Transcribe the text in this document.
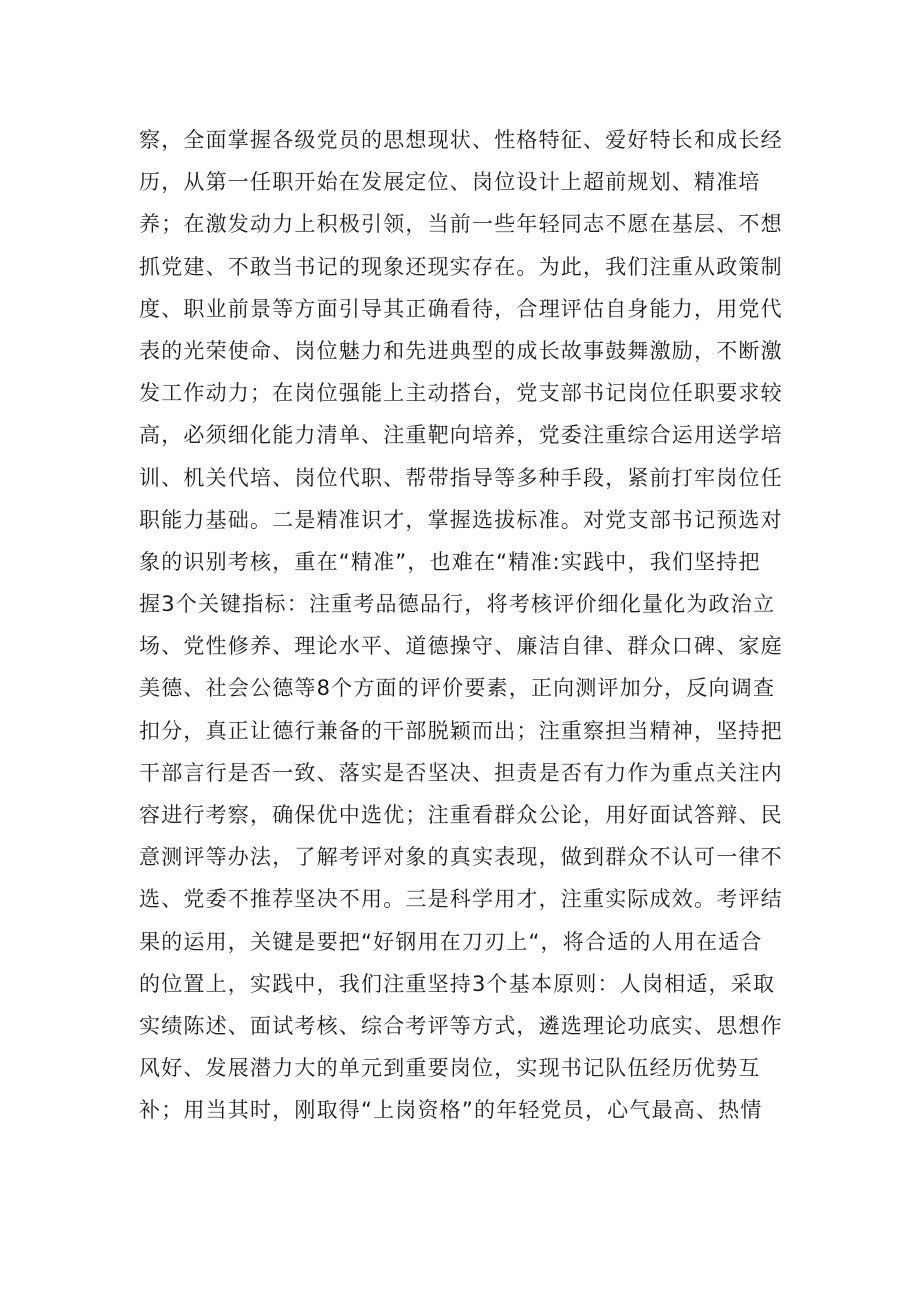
察，全面掌握各级党员的思想现状、性格特征、爱好特长和成长经
历，从第一任职开始在发展定位、岗位设计上超前规划、精准培
养；在激发动力上积极引领，当前一些年轻同志不愿在基层、不想
抓党建、不敢当书记的现象还现实存在。为此，我们注重从政策制
度、职业前景等方面引导其正确看待，合理评估自身能力，用党代
表的光荣使命、岗位魅力和先进典型的成长故事鼓舞激励，不断激
发工作动力；在岗位强能上主动搭台，党支部书记岗位任职要求较
高，必须细化能力清单、注重靶向培养，党委注重综合运用送学培
训、机关代培、岗位代职、帮带指导等多种手段，紧前打牢岗位任
职能力基础。二是精准识才，掌握选拔标准。对党支部书记预选对
象的识别考核，重在“精准”，也难在“精准:实践中，我们坚持把
握3个关键指标：注重考品德品行，将考核评价细化量化为政治立
场、党性修养、理论水平、道德操守、廉洁自律、群众口碑、家庭
美德、社会公德等8个方面的评价要素，正向测评加分，反向调查
扣分，真正让德行兼备的干部脱颖而出；注重察担当精神，坚持把
干部言行是否一致、落实是否坚决、担责是否有力作为重点关注内
容进行考察，确保优中选优；注重看群众公论，用好面试答辩、民
意测评等办法，了解考评对象的真实表现，做到群众不认可一律不
选、党委不推荐坚决不用。三是科学用才，注重实际成效。考评结
果的运用，关键是要把“好钢用在刀刃上“，将合适的人用在适合
的位置上，实践中，我们注重坚持3个基本原则：人岗相适，采取
实绩陈述、面试考核、综合考评等方式，遴选理论功底实、思想作
风好、发展潜力大的单元到重要岗位，实现书记队伍经历优势互
补；用当其时，刚取得“上岗资格”的年轻党员，心气最高、热情
